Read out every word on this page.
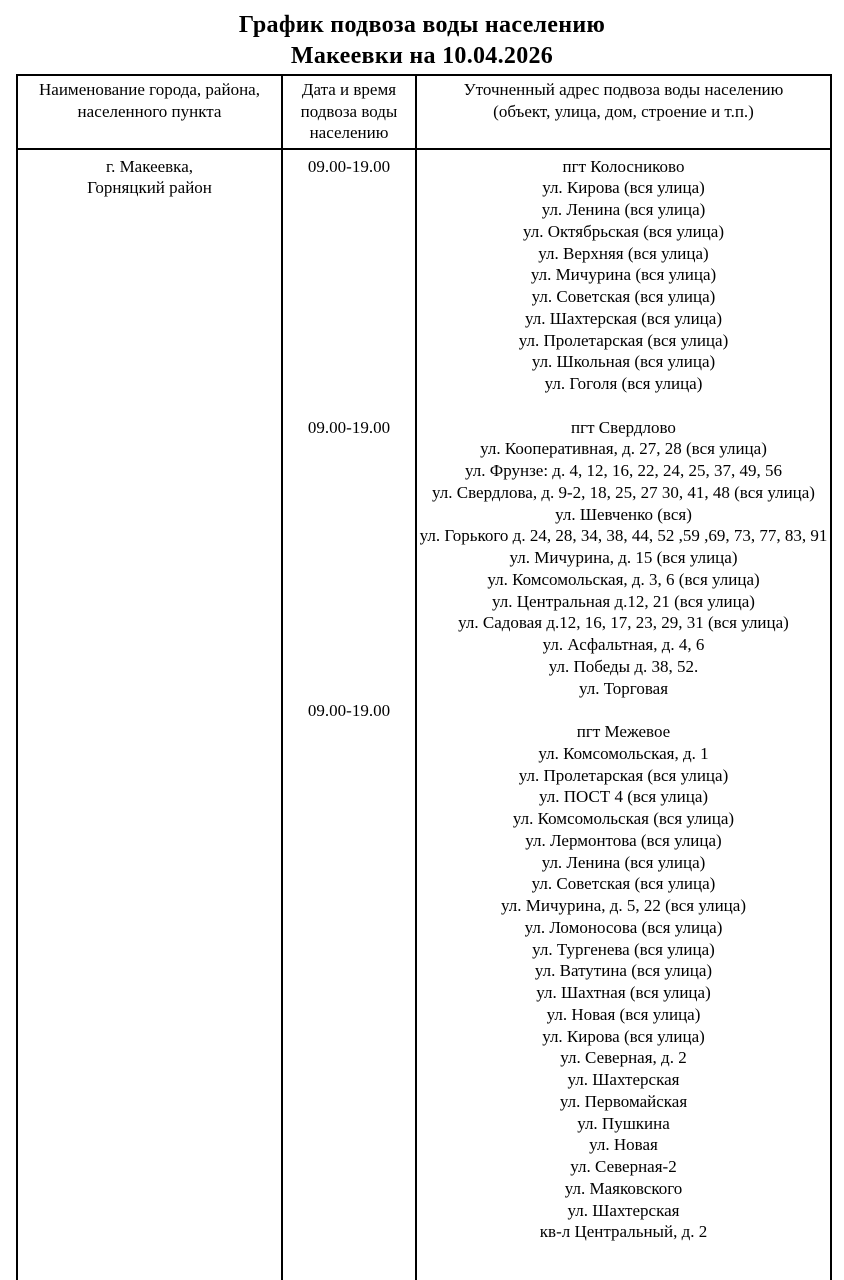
График подвоза воды населению
Макеевки на 10.04.2026
Наименование города, района, населенного пункта
Дата и время подвоза воды населению
Уточненный адрес подвоза воды населению
(объект, улица, дом, строение и т.п.)
г. Макеевка,
Горняцкий район
09.00-19.00
09.00-19.00
09.00-19.00
пгт Колосниково
ул. Кирова (вся улица)
ул. Ленина (вся улица)
ул. Октябрьская (вся улица)
ул. Верхняя (вся улица)
ул. Мичурина (вся улица)
ул. Советская (вся улица)
ул. Шахтерская (вся улица)
ул. Пролетарская (вся улица)
ул. Школьная (вся улица)
ул. Гоголя (вся улица)
пгт Свердлово
ул. Кооперативная, д. 27, 28 (вся улица)
ул. Фрунзе: д. 4, 12, 16, 22, 24, 25, 37, 49, 56
ул. Свердлова, д. 9-2, 18, 25, 27 30, 41, 48 (вся улица)
ул. Шевченко (вся)
ул. Горького д. 24, 28, 34, 38, 44, 52 ,59 ,69, 73, 77, 83, 91
ул. Мичурина, д. 15 (вся улица)
ул. Комсомольская, д. 3, 6 (вся улица)
ул. Центральная д.12, 21 (вся улица)
ул. Садовая д.12, 16, 17, 23, 29, 31 (вся улица)
ул. Асфальтная, д. 4, 6
ул. Победы д. 38, 52.
ул. Торговая
пгт Межевое
ул. Комсомольская, д. 1
ул. Пролетарская (вся улица)
ул. ПОСТ 4 (вся улица)
ул. Комсомольская (вся улица)
ул. Лермонтова (вся улица)
ул. Ленина (вся улица)
ул. Советская (вся улица)
ул. Мичурина, д. 5, 22 (вся улица)
ул. Ломоносова (вся улица)
ул. Тургенева (вся улица)
ул. Ватутина (вся улица)
ул. Шахтная (вся улица)
ул. Новая (вся улица)
ул. Кирова (вся улица)
ул. Северная, д. 2
ул. Шахтерская
ул. Первомайская
ул. Пушкина
ул. Новая
ул. Северная-2
ул. Маяковского
ул. Шахтерская
кв-л Центральный, д. 2
